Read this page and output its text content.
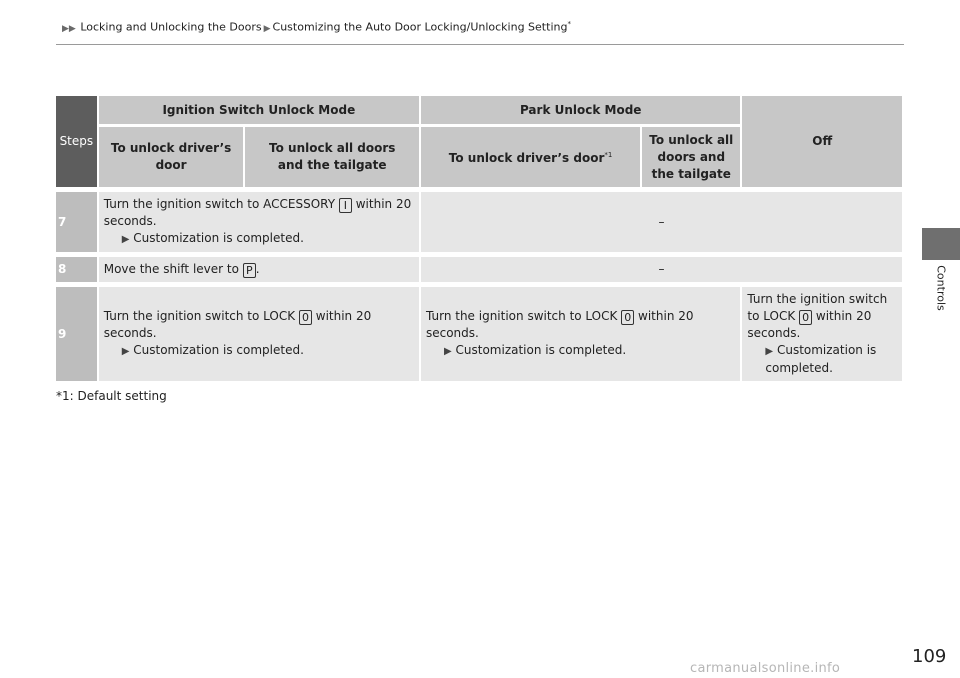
▶▶ Locking and Unlocking the Doors ▶ Customizing the Auto Door Locking/Unlocking Setting*
Controls
Steps	Ignition Switch Unlock Mode		Park Unlock Mode		Off
	To unlock driver’s door	To unlock all doors and the tailgate	To unlock driver’s door$^{*1}$	To unlock all doors and the tailgate	

7	Turn the ignition switch to ACCESSORY I within 20 seconds.
▶ Customization is completed.		–		

8	Move the shift lever to P .		–		

9	Turn the ignition switch to LOCK 0 within 20 seconds.
▶ Customization is completed.		Turn the ignition switch to LOCK 0 within 20 seconds.
▶ Customization is completed.		Turn the ignition switch to LOCK 0 within 20 seconds.
▶ Customization is completed.
*1: Default setting
109
carmanualsonline.info
